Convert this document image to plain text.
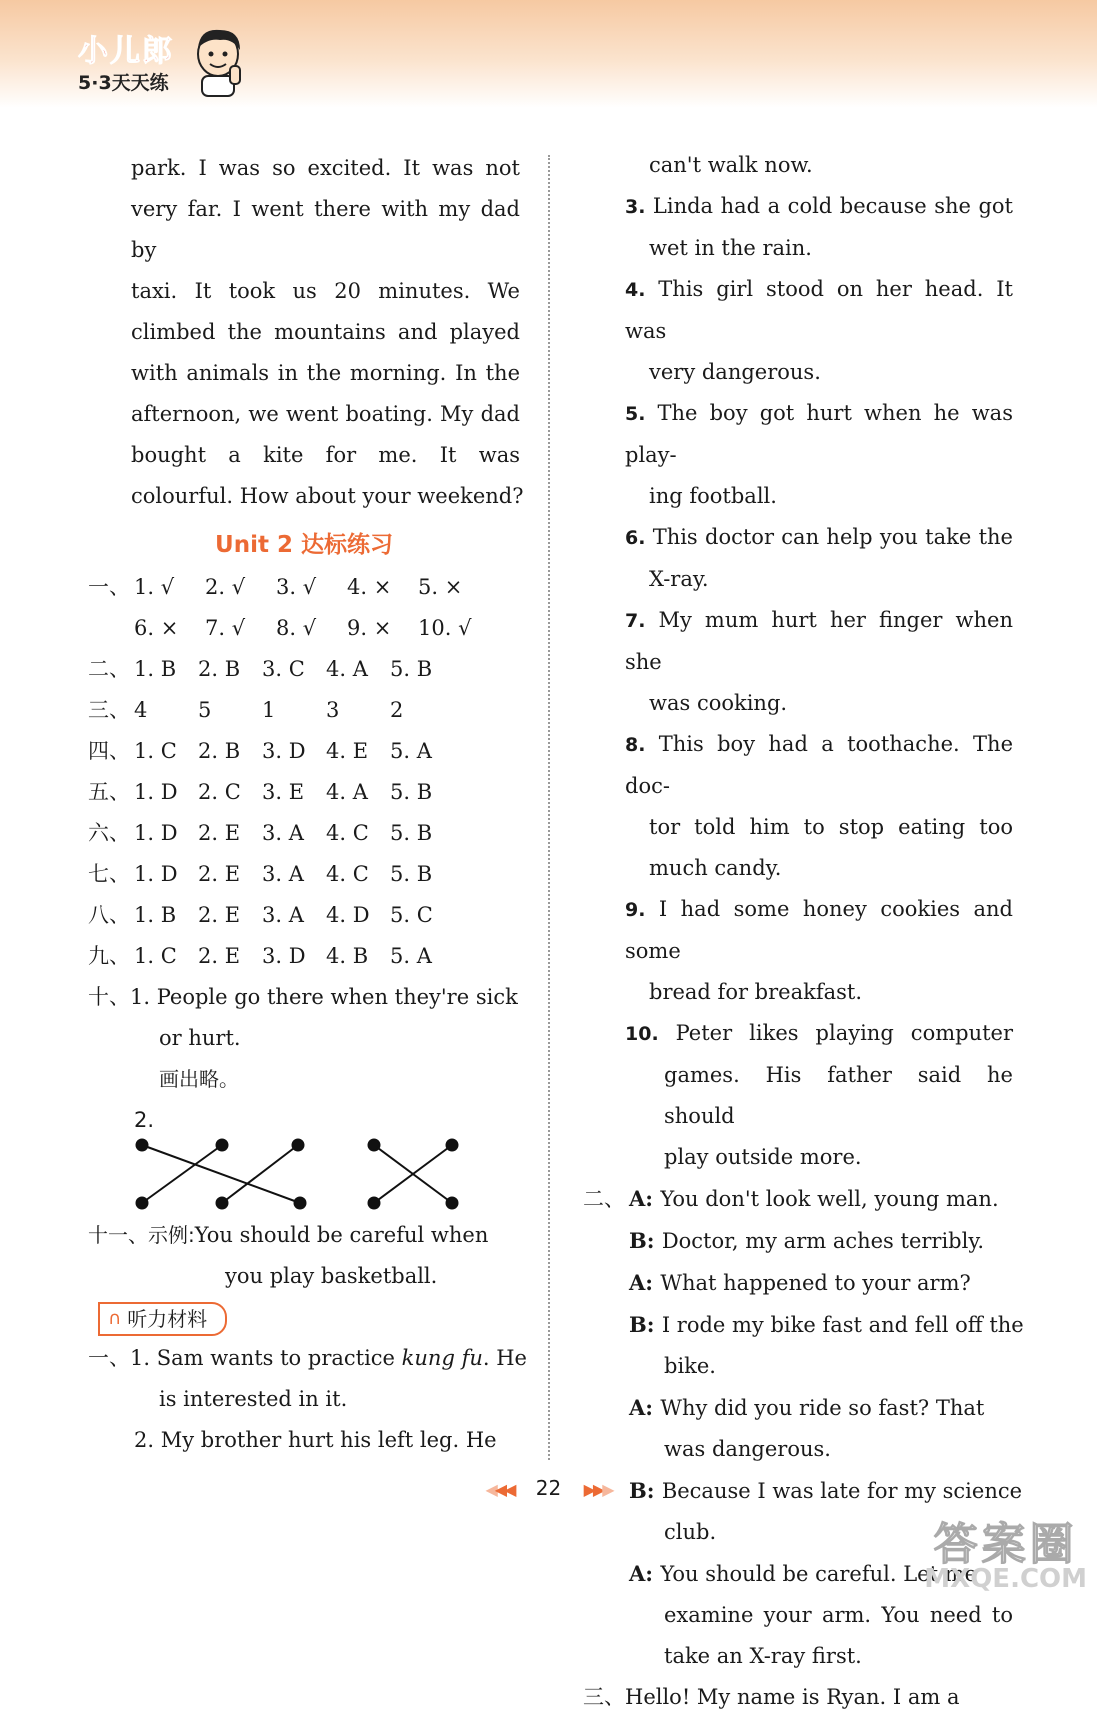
小儿郎
5·3天天练
park. I was so excited. It was not
very far. I went there with my dad by
taxi. It took us 20 minutes. We
climbed the mountains and played
with animals in the morning. In the
afternoon, we went boating. My dad
bought a kite for me. It was
colourful. How about your weekend?
Unit 2 达标练习
一、 1. √	2. √	3. √	4. ×	5. ×
6. ×	7. √	8. √	9. ×	10. √
二、 1. B	2. B	3. C	4. A	5. B
三、 4	5	1	3	2
四、 1. C	2. B	3. D 4. E	5. A
五、 1. D 2. C	3. E	4. A	5. B
六、 1. D 2. E	3. A	4. C	5. B
七、 1. D 2. E	3. A	4. C	5. B
八、 1. B	2. E	3. A	4. D 5. C
九、 1. C	2. E	3. D 4. B	5. A
十、1. People go there when they're sick
or hurt.
画出略。
2.
十一、示例:You should be careful when
you play basketball.
∩ 听力材料
一、1. Sam wants to practice kung fu. He
is interested in it.
2. My brother hurt his left leg. He
can't walk now.
3. Linda had a cold because she got
wet in the rain.
4. This girl stood on her head. It was
very dangerous.
5. The boy got hurt when he was play-
ing football.
6. This doctor can help you take the
X-ray.
7. My mum hurt her finger when she
was cooking.
8. This boy had a toothache. The doc-
tor told him to stop eating too
much candy.
9. I had some honey cookies and some
bread for breakfast.
10. Peter likes playing computer
games. His father said he should
play outside more.
二、 A: You don't look well, young man.
B: Doctor, my arm aches terribly.
A: What happened to your arm?
B: I rode my bike fast and fell off the
bike.
A: Why did you ride so fast? That
was dangerous.
B: Because I was late for my science
club.
A: You should be careful. Let me
examine your arm. You need to
take an X-ray first.
三、Hello! My name is Ryan. I am a
◀◀◀ 22 ▶▶▶
答案圈
MXQE.COM
